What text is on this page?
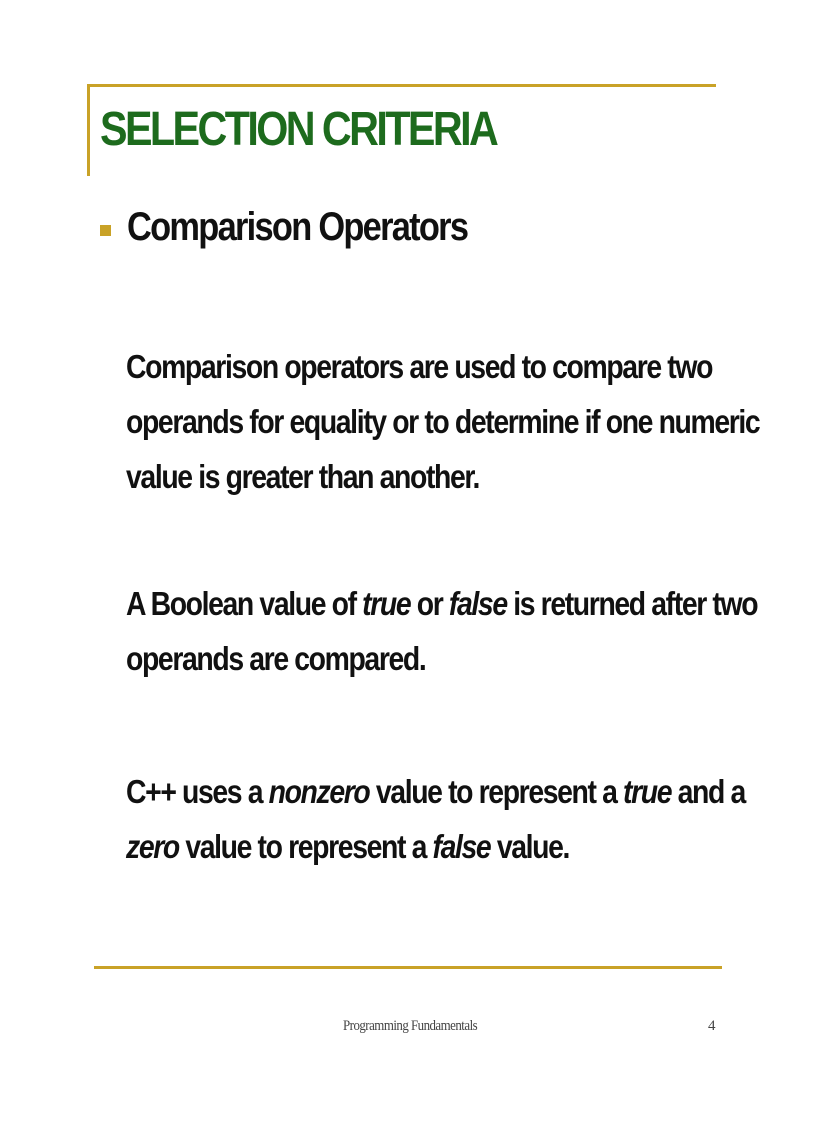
SELECTION CRITERIA
Comparison Operators

Comparison operators are used to compare two
operands for equality or to determine if one numeric
value is greater than another.

A Boolean value of true or false is returned after two
operands are compared.

C++ uses a nonzero value to represent a true and a
zero value to represent a false value.

Programming Fundamentals	4
